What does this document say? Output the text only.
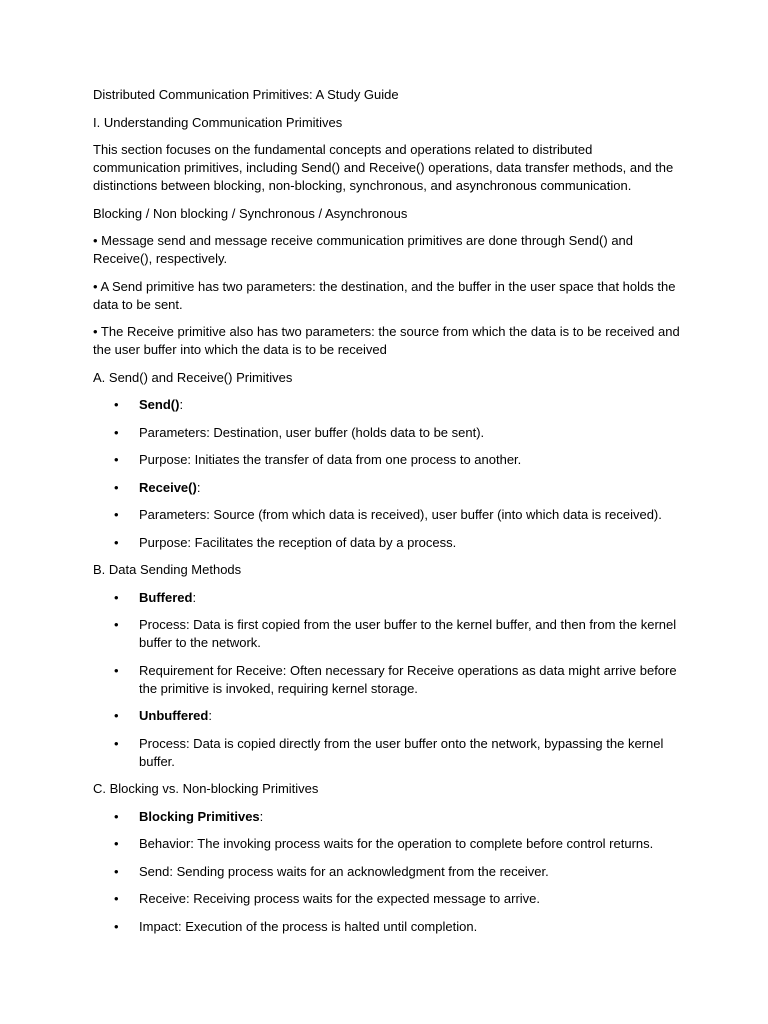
Distributed Communication Primitives: A Study Guide

I. Understanding Communication Primitives

This section focuses on the fundamental concepts and operations related to distributed communication primitives, including Send() and Receive() operations, data transfer methods, and the distinctions between blocking, non-blocking, synchronous, and asynchronous communication.

Blocking / Non blocking / Synchronous / Asynchronous

• Message send and message receive communication primitives are done through Send() and Receive(), respectively.

• A Send primitive has two parameters: the destination, and the buffer in the user space that holds the data to be sent.

• The Receive primitive also has two parameters: the source from which the data is to be received and the user buffer into which the data is to be received

A. Send() and Receive() Primitives

• Send():
• Parameters: Destination, user buffer (holds data to be sent).
• Purpose: Initiates the transfer of data from one process to another.
• Receive():
• Parameters: Source (from which data is received), user buffer (into which data is received).
• Purpose: Facilitates the reception of data by a process.

B. Data Sending Methods

• Buffered:
• Process: Data is first copied from the user buffer to the kernel buffer, and then from the kernel buffer to the network.
• Requirement for Receive: Often necessary for Receive operations as data might arrive before the primitive is invoked, requiring kernel storage.
• Unbuffered:
• Process: Data is copied directly from the user buffer onto the network, bypassing the kernel buffer.

C. Blocking vs. Non-blocking Primitives

• Blocking Primitives:
• Behavior: The invoking process waits for the operation to complete before control returns.
• Send: Sending process waits for an acknowledgment from the receiver.
• Receive: Receiving process waits for the expected message to arrive.
• Impact: Execution of the process is halted until completion.
